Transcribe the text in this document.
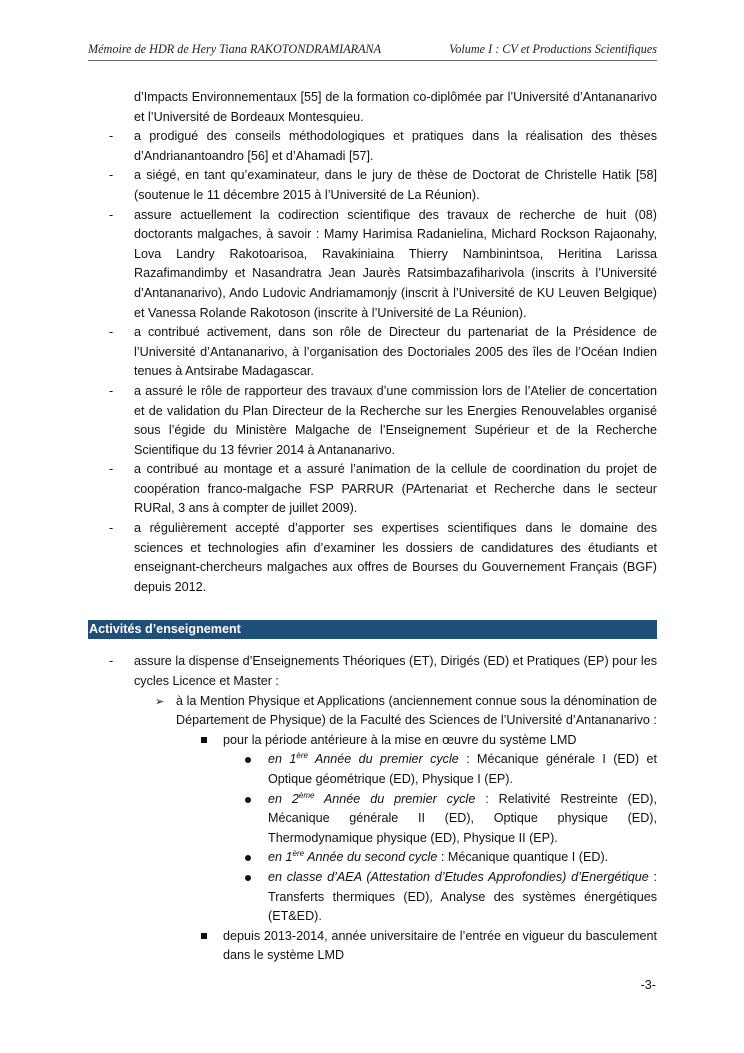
Mémoire de HDR de Hery Tiana RAKOTONDRAMIARANA	Volume I : CV et Productions Scientifiques
d’Impacts Environnementaux [55] de la formation co-diplômée par l’Université d’Antananarivo et l’Université de Bordeaux Montesquieu.
- a prodigué des conseils méthodologiques et pratiques dans la réalisation des thèses d’Andrianantoandro [56] et d’Ahamadi [57].
- a siégé, en tant qu’examinateur, dans le jury de thèse de Doctorat de Christelle Hatik [58] (soutenue le 11 décembre 2015 à l’Université de La Réunion).
- assure actuellement la codirection scientifique des travaux de recherche de huit (08) doctorants malgaches, à savoir : Mamy Harimisa Radanielina, Michard Rockson Rajaonahy, Lova Landry Rakotoarisoa, Ravakiniaina Thierry Nambinintsoa, Heritina Larissa Razafimandimby et Nasandratra Jean Jaurès Ratsimbazafiharivola (inscrits à l’Université d’Antananarivo), Ando Ludovic Andriamamonjy (inscrit à l’Université de KU Leuven Belgique) et Vanessa Rolande Rakotoson (inscrite à l’Université de La Réunion).
- a contribué activement, dans son rôle de Directeur du partenariat de la Présidence de l’Université d’Antananarivo, à l’organisation des Doctoriales 2005 des îles de l’Océan Indien tenues à Antsirabe Madagascar.
- a assuré le rôle de rapporteur des travaux d’une commission lors de l’Atelier de concertation et de validation du Plan Directeur de la Recherche sur les Energies Renouvelables organisé sous l’égide du Ministère Malgache de l’Enseignement Supérieur et de la Recherche Scientifique du 13 février 2014 à Antananarivo.
- a contribué au montage et a assuré l’animation de la cellule de coordination du projet de coopération franco-malgache FSP PARRUR (PArtenariat et Recherche dans le secteur RURal, 3 ans à compter de juillet 2009).
- a régulièrement accepté d’apporter ses expertises scientifiques dans le domaine des sciences et technologies afin d’examiner les dossiers de candidatures des étudiants et enseignant-chercheurs malgaches aux offres de Bourses du Gouvernement Français (BGF) depuis 2012.
Activités d’enseignement
- assure la dispense d’Enseignements Théoriques (ET), Dirigés (ED) et Pratiques (EP) pour les cycles Licence et Master :
➢ à la Mention Physique et Applications (anciennement connue sous la dénomination de Département de Physique) de la Faculté des Sciences de l’Université d’Antananarivo :
pour la période antérieure à la mise en œuvre du système LMD
en 1ère Année du premier cycle : Mécanique générale I (ED) et Optique géométrique (ED), Physique I (EP).
en 2ème Année du premier cycle : Relativité Restreinte (ED), Mécanique générale II (ED), Optique physique (ED), Thermodynamique physique (ED), Physique II (EP).
en 1ère Année du second cycle : Mécanique quantique I (ED).
en classe d’AEA (Attestation d’Etudes Approfondies) d’Energétique : Transferts thermiques (ED), Analyse des systèmes énergétiques (ET&ED).
depuis 2013-2014, année universitaire de l’entrée en vigueur du basculement dans le système LMD
-3-
